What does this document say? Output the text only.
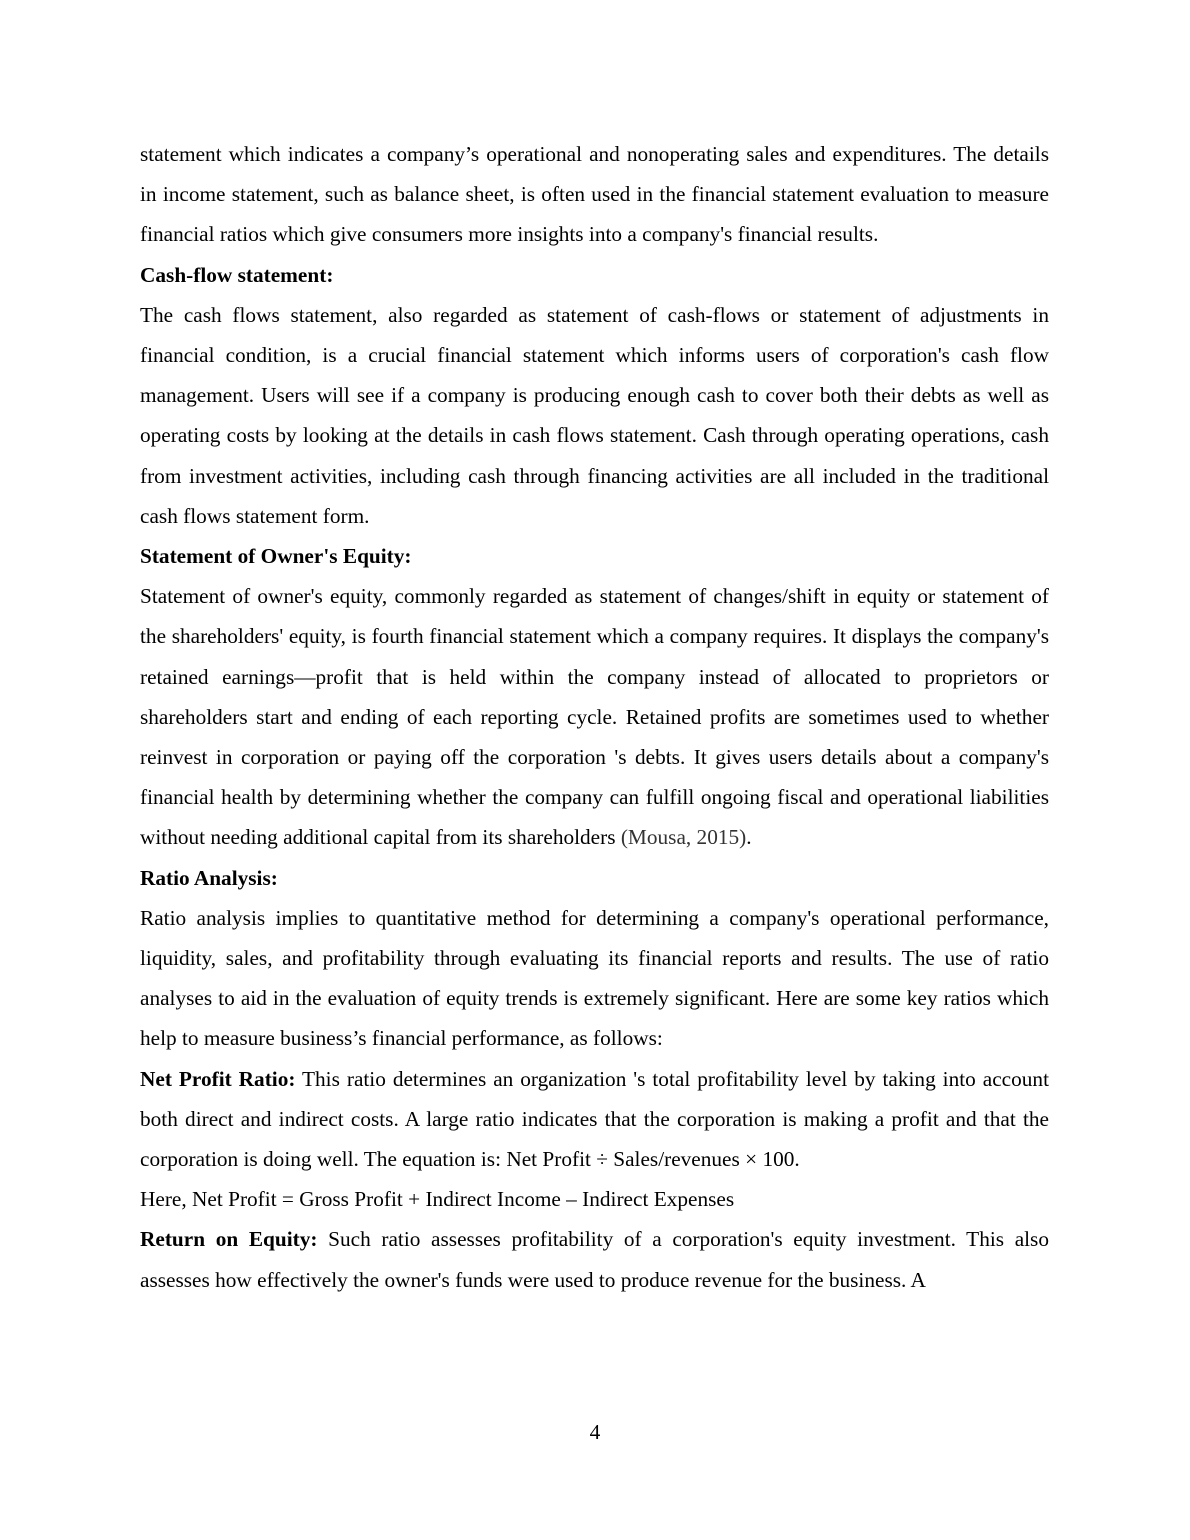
statement which indicates a company’s operational and nonoperating sales and expenditures. The details in income statement, such as balance sheet, is often used in the financial statement evaluation to measure financial ratios which give consumers more insights into a company's financial results.

Cash-flow statement:

The cash flows statement, also regarded as statement of cash-flows or statement of adjustments in financial condition, is a crucial financial statement which informs users of corporation's cash flow management. Users will see if a company is producing enough cash to cover both their debts as well as operating costs by looking at the details in cash flows statement. Cash through operating operations, cash from investment activities, including cash through financing activities are all included in the traditional cash flows statement form.

Statement of Owner's Equity:

Statement of owner's equity, commonly regarded as statement of changes/shift in equity or statement of the shareholders' equity, is fourth financial statement which a company requires. It displays the company's retained earnings—profit that is held within the company instead of allocated to proprietors or shareholders start and ending of each reporting cycle. Retained profits are sometimes used to whether reinvest in corporation or paying off the corporation 's debts. It gives users details about a company's financial health by determining whether the company can fulfill ongoing fiscal and operational liabilities without needing additional capital from its shareholders (Mousa, 2015).

Ratio Analysis:

Ratio analysis implies to quantitative method for determining a company's operational performance, liquidity, sales, and profitability through evaluating its financial reports and results. The use of ratio analyses to aid in the evaluation of equity trends is extremely significant. Here are some key ratios which help to measure business’s financial performance, as follows:

Net Profit Ratio: This ratio determines an organization 's total profitability level by taking into account both direct and indirect costs. A large ratio indicates that the corporation is making a profit and that the corporation is doing well. The equation is: Net Profit ÷ Sales/revenues × 100.

Here, Net Profit = Gross Profit + Indirect Income – Indirect Expenses

Return on Equity: Such ratio assesses profitability of a corporation's equity investment. This also assesses how effectively the owner's funds were used to produce revenue for the business. A

4
